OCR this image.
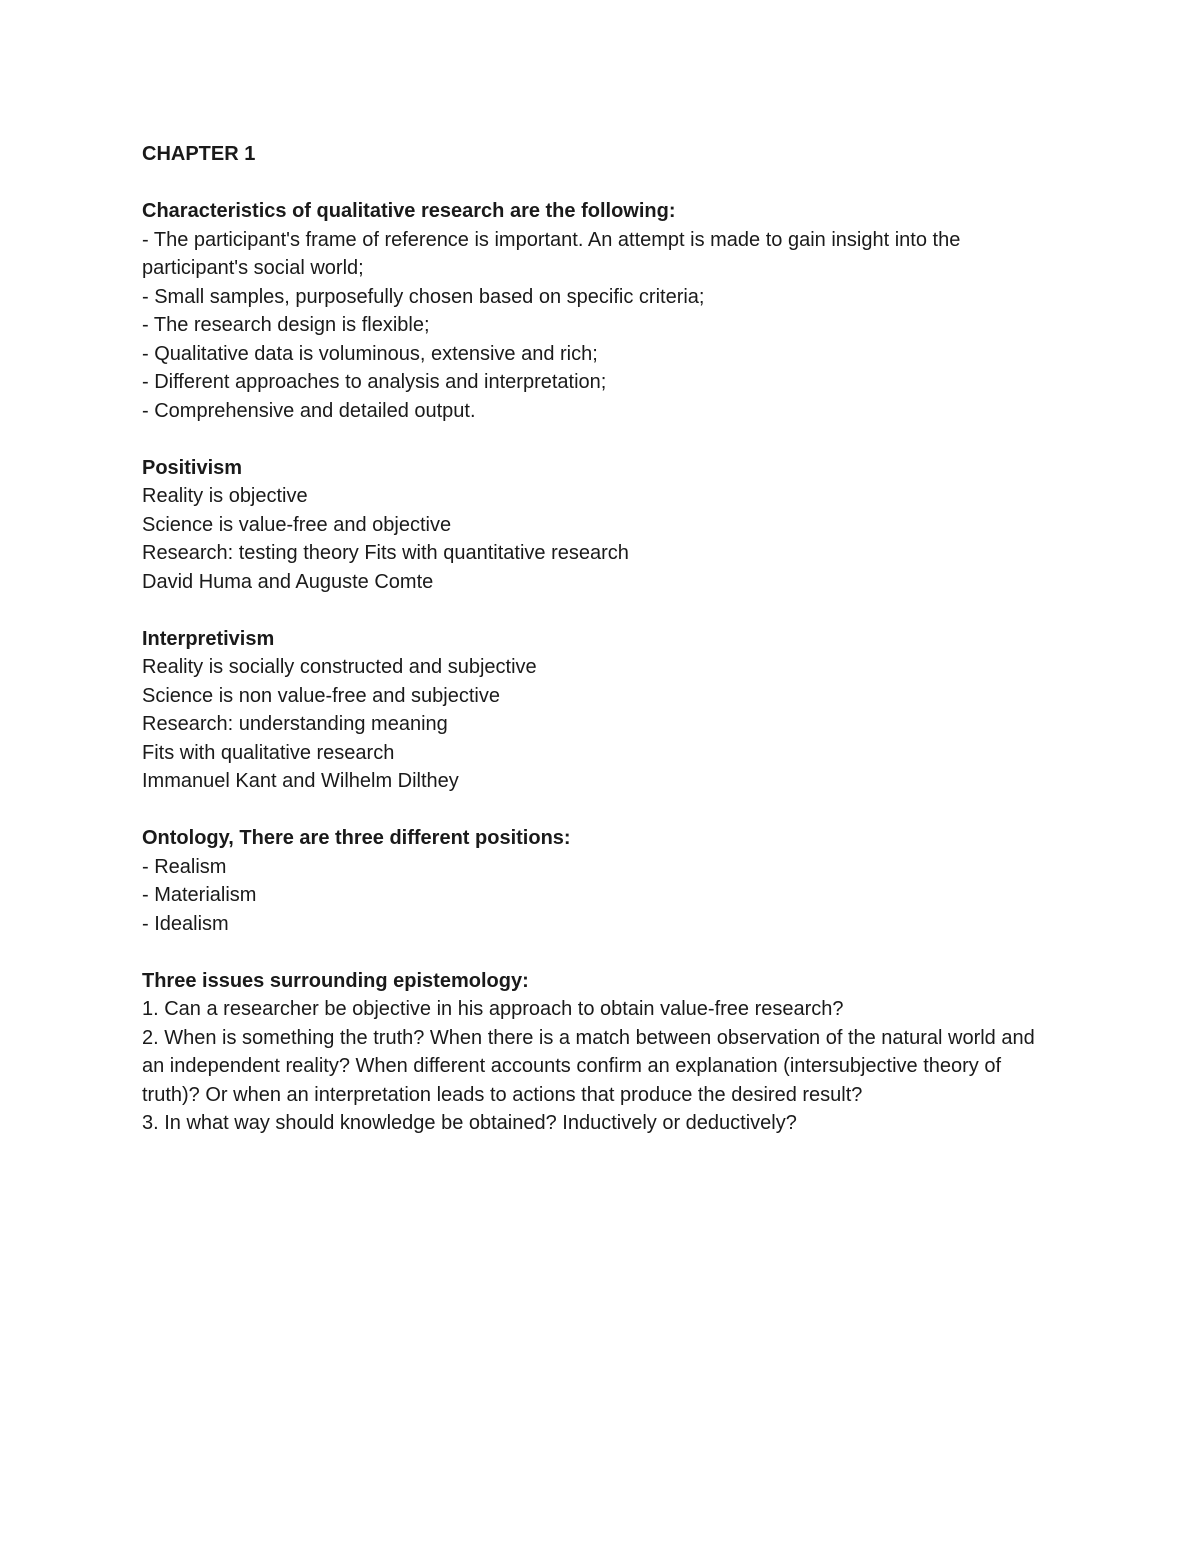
CHAPTER 1

Characteristics of qualitative research are the following:

- The participant's frame of reference is important. An attempt is made to gain insight into the participant's social world;

- Small samples, purposefully chosen based on specific criteria;

- The research design is flexible;

- Qualitative data is voluminous, extensive and rich;

- Different approaches to analysis and interpretation;

- Comprehensive and detailed output.

Positivism

Reality is objective

Science is value-free and objective

Research: testing theory Fits with quantitative research

David Huma and Auguste Comte

Interpretivism

Reality is socially constructed and subjective

Science is non value-free and subjective

Research: understanding meaning

Fits with qualitative research

Immanuel Kant and Wilhelm Dilthey

Ontology, There are three different positions:

- Realism

- Materialism

- Idealism

Three issues surrounding epistemology:

1. Can a researcher be objective in his approach to obtain value-free research?

2. When is something the truth? When there is a match between observation of the natural world and an independent reality? When different accounts confirm an explanation (intersubjective theory of truth)? Or when an interpretation leads to actions that produce the desired result?

3. In what way should knowledge be obtained? Inductively or deductively?
